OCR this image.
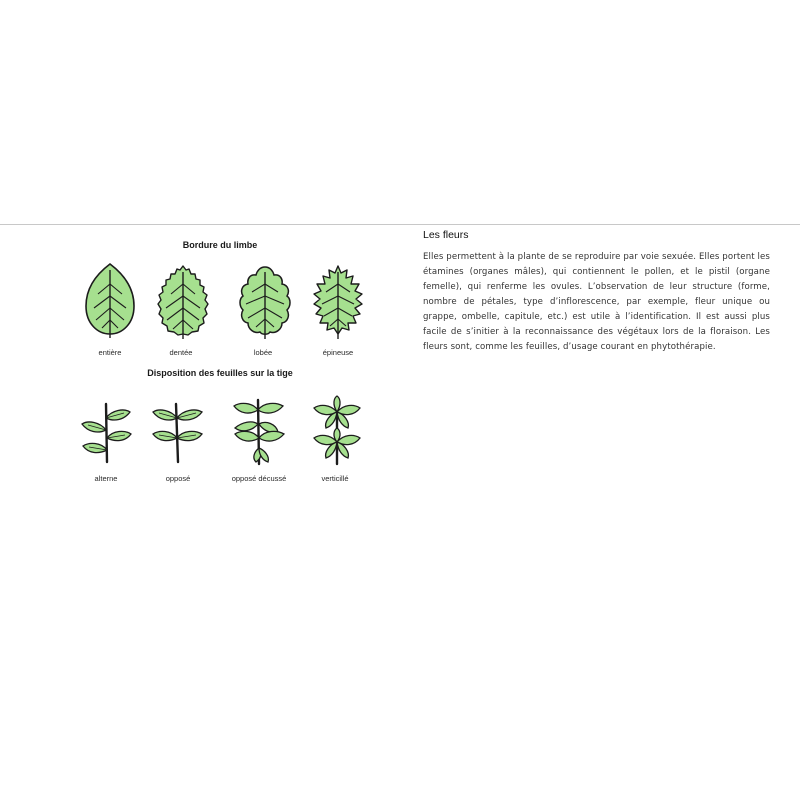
Bordure du limbe
entière	dentée	lobée	épineuse
Disposition des feuilles sur la tige
alterne	opposé	opposé décussé	verticillé
Les fleurs
Elles permettent à la plante de se reproduire par voie sexuée. Elles portent les étamines (organes mâles), qui contiennent le pollen, et le pistil (organe femelle), qui renferme les ovules. L’observation de leur structure (forme, nombre de pétales, type d’inflorescence, par exemple, fleur unique ou grappe, ombelle, capitule, etc.) est utile à l’identification. Il est aussi plus facile de s’initier à la reconnaissance des végétaux lors de la floraison. Les fleurs sont, comme les feuilles, d’usage courant en phytothérapie.
